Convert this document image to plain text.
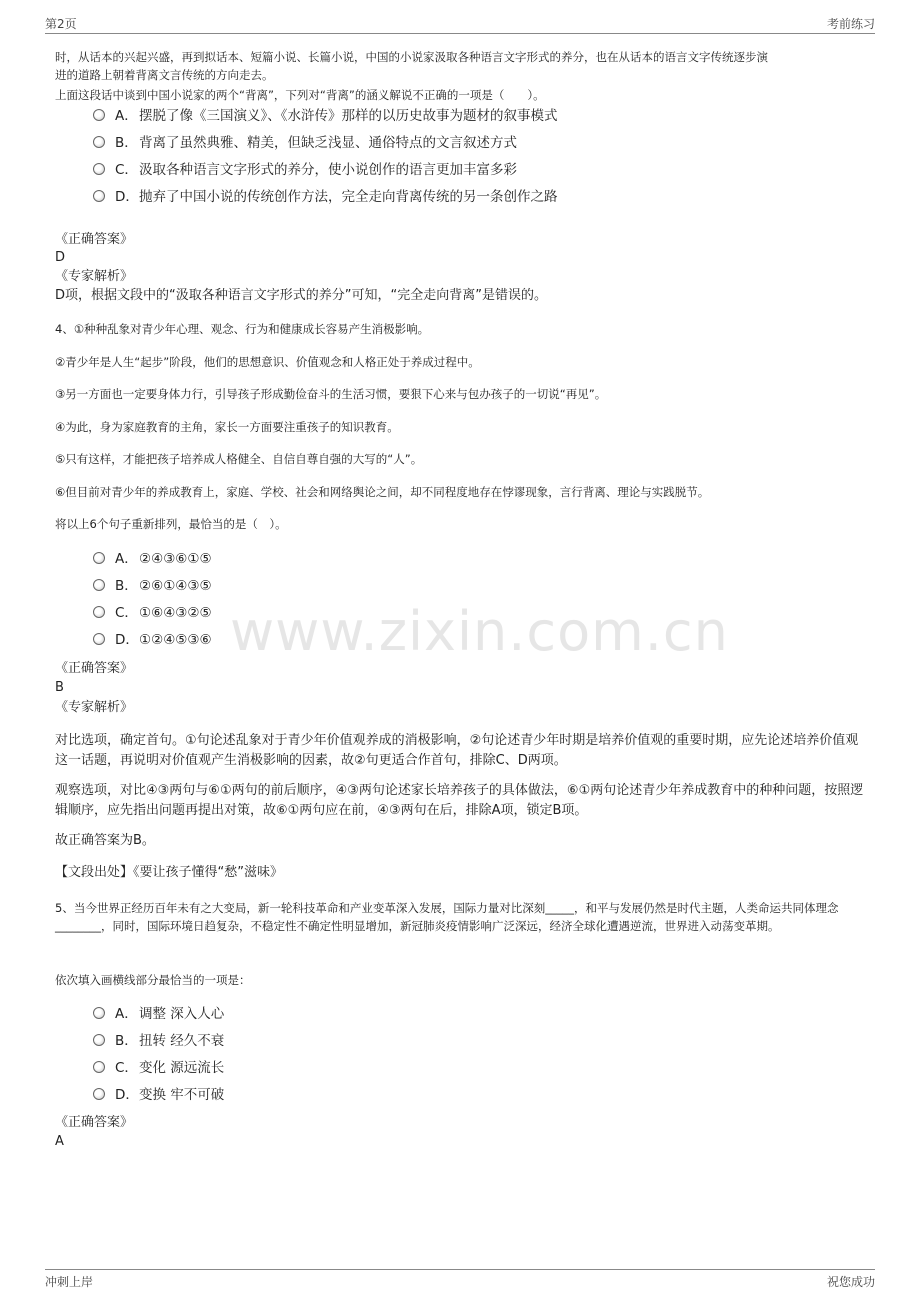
第2页	考前练习
www.zixin.com.cn
时，从话本的兴起兴盛，再到拟话本、短篇小说、长篇小说，中国的小说家汲取各种语言文字形式的养分，也在从话本的语言文字传统逐步演
进的道路上朝着背离文言传统的方向走去。
上面这段话中谈到中国小说家的两个“背离”，下列对“背离”的涵义解说不正确的一项是（　　）。
A．摆脱了像《三国演义》、《水浒传》那样的以历史故事为题材的叙事模式
B．背离了虽然典雅、精美，但缺乏浅显、通俗特点的文言叙述方式
C．汲取各种语言文字形式的养分，使小说创作的语言更加丰富多彩
D．抛弃了中国小说的传统创作方法，完全走向背离传统的另一条创作之路
《正确答案》
D
《专家解析》
D项，根据文段中的“汲取各种语言文字形式的养分”可知，“完全走向背离”是错误的。
4、①种种乱象对青少年心理、观念、行为和健康成长容易产生消极影响。
②青少年是人生“起步”阶段，他们的思想意识、价值观念和人格正处于养成过程中。
③另一方面也一定要身体力行，引导孩子形成勤俭奋斗的生活习惯，要狠下心来与包办孩子的一切说“再见”。
④为此，身为家庭教育的主角，家长一方面要注重孩子的知识教育。
⑤只有这样，才能把孩子培养成人格健全、自信自尊自强的大写的“人”。
⑥但目前对青少年的养成教育上，家庭、学校、社会和网络舆论之间，却不同程度地存在悖谬现象，言行背离、理论与实践脱节。
将以上6个句子重新排列，最恰当的是（　）。
A．②④③⑥①⑤
B．②⑥①④③⑤
C．①⑥④③②⑤
D．①②④⑤③⑥
《正确答案》
B
《专家解析》
对比选项，确定首句。①句论述乱象对于青少年价值观养成的消极影响，②句论述青少年时期是培养价值观的重要时期，应先论述培养价值观这一话题，再说明对价值观产生消极影响的因素，故②句更适合作首句，排除C、D两项。
观察选项，对比④③两句与⑥①两句的前后顺序，④③两句论述家长培养孩子的具体做法，⑥①两句论述青少年养成教育中的种种问题，按照逻辑顺序，应先指出问题再提出对策，故⑥①两句应在前，④③两句在后，排除A项，锁定B项。
故正确答案为B。
【文段出处】《要让孩子懂得“愁”滋味》
5、当今世界正经历百年未有之大变局，新一轮科技革命和产业变革深入发展，国际力量对比深刻_____，和平与发展仍然是时代主题，人类命运共同体理念________，同时，国际环境日趋复杂，不稳定性不确定性明显增加，新冠肺炎疫情影响广泛深远，经济全球化遭遇逆流，世界进入动荡变革期。
依次填入画横线部分最恰当的一项是：
A．调整 深入人心
B．扭转 经久不衰
C．变化 源远流长
D．变换 牢不可破
《正确答案》
A
冲刺上岸	祝您成功
